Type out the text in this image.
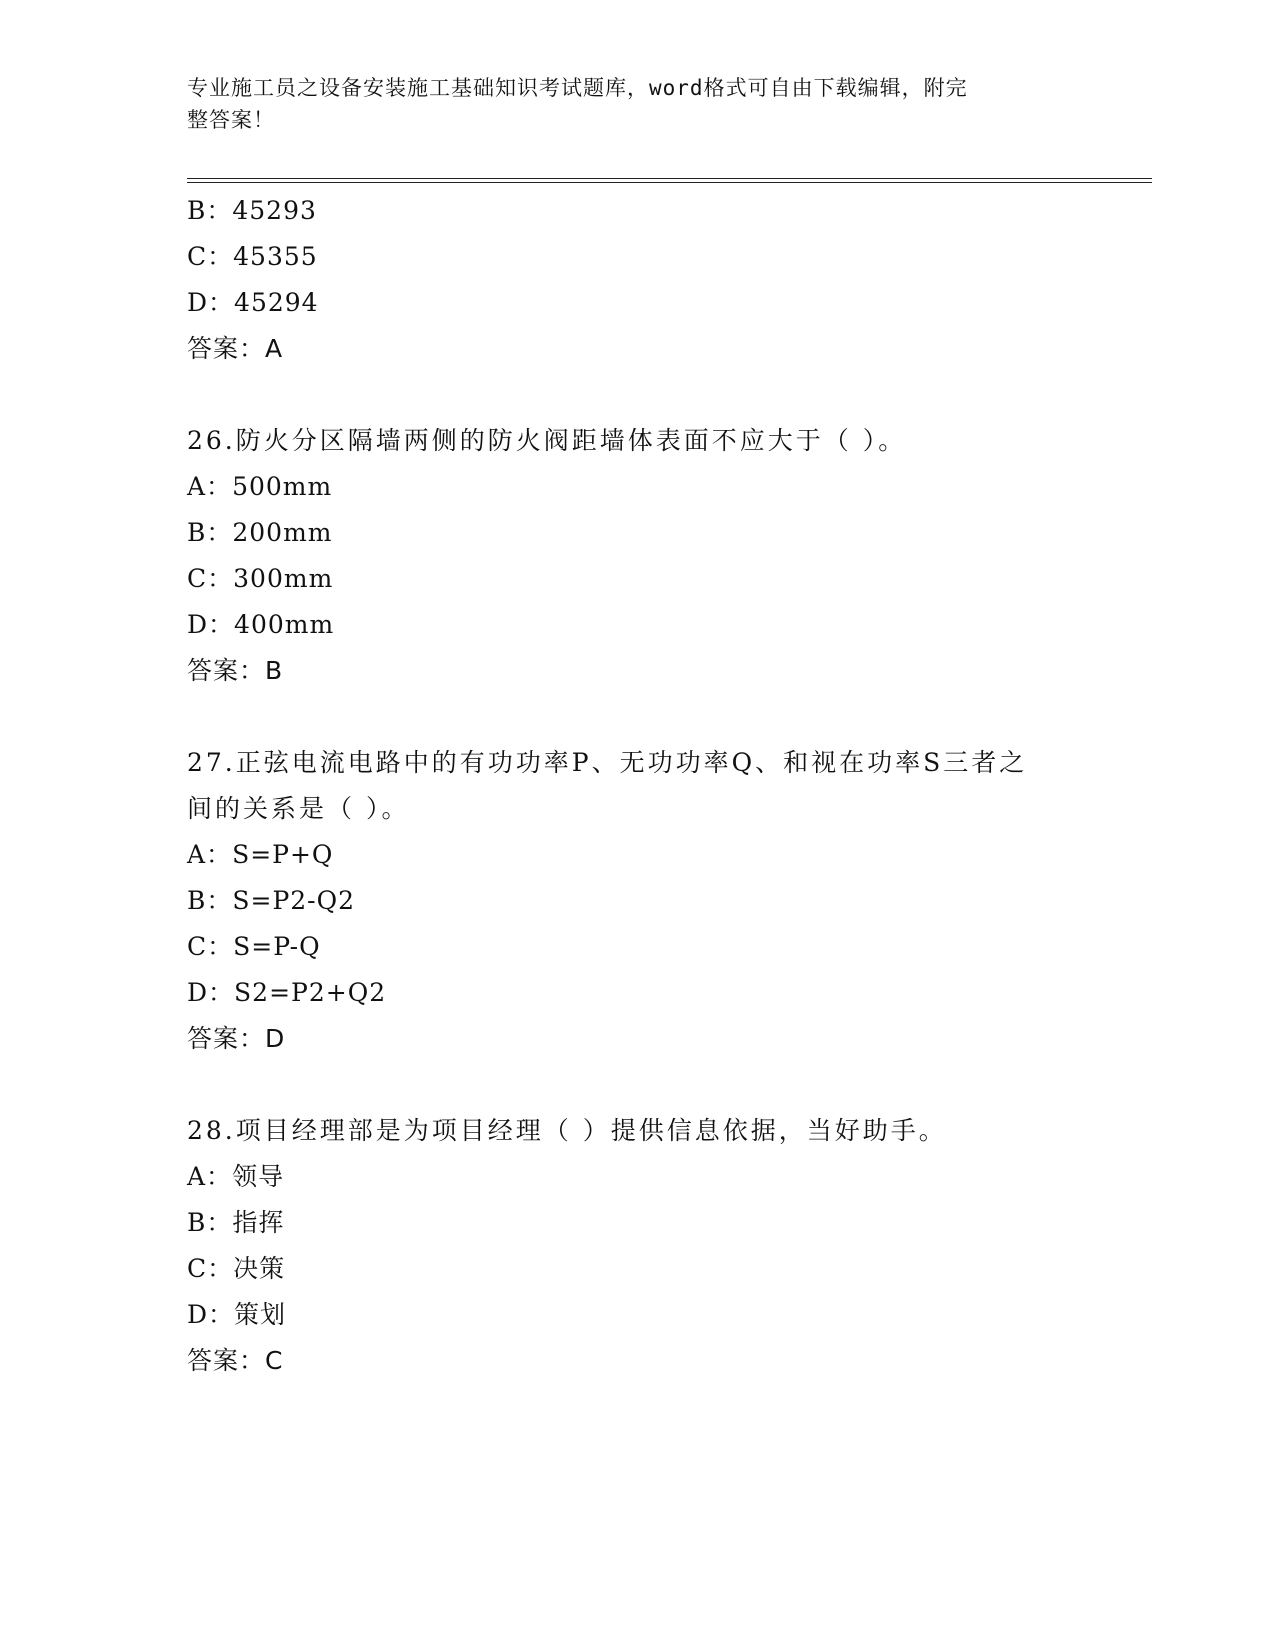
专业施工员之设备安装施工基础知识考试题库，word格式可自由下载编辑，附完
整答案！
B：45293
C：45355
D：45294
答案：A
26.防火分区隔墙两侧的防火阀距墙体表面不应大于（ ）。
A：500mm
B：200mm
C：300mm
D：400mm
答案：B
27.正弦电流电路中的有功功率P、无功功率Q、和视在功率S三者之
间的关系是（ ）。
A：S=P+Q
B：S=P2-Q2
C：S=P-Q
D：S2=P2+Q2
答案：D
28.项目经理部是为项目经理（ ）提供信息依据，当好助手。
A：领导
B：指挥
C：决策
D：策划
答案：C
